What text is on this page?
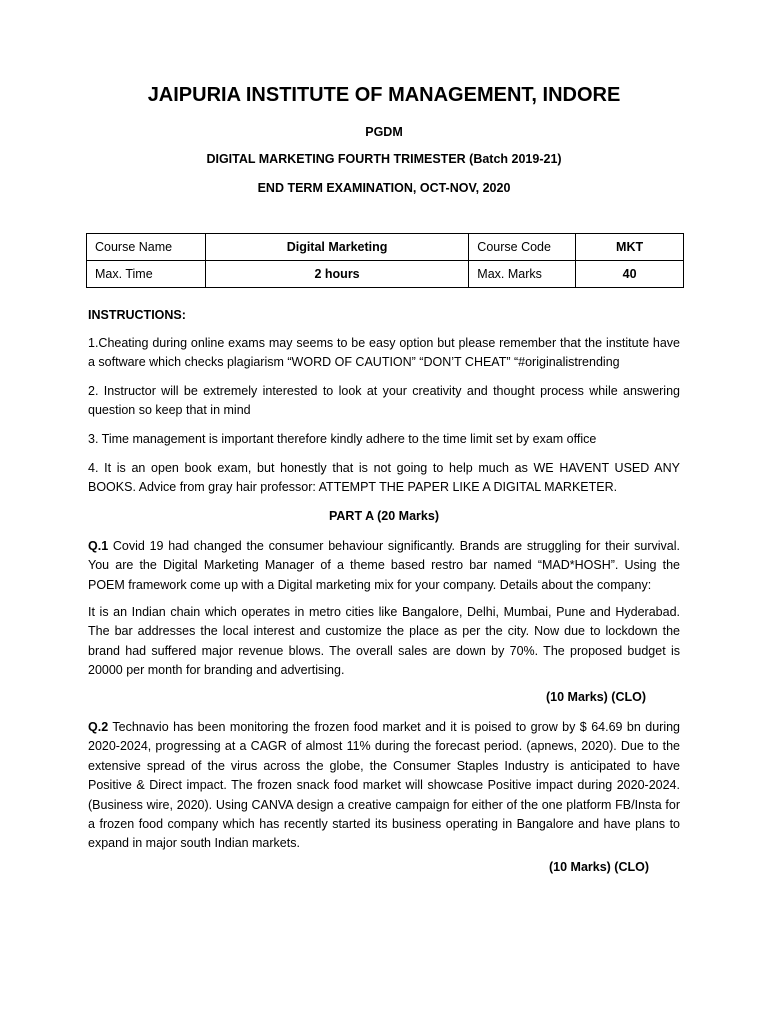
JAIPURIA INSTITUTE OF MANAGEMENT, INDORE
PGDM
DIGITAL MARKETING FOURTH TRIMESTER (Batch 2019-21)
END TERM EXAMINATION, OCT-NOV, 2020
Course Name	Digital Marketing	Course Code	MKT
Max. Time	2 hours	Max. Marks	40
INSTRUCTIONS:
1.Cheating during online exams may seems to be easy option but please remember that the institute have a software which checks plagiarism “WORD OF CAUTION” “DON’T CHEAT” “#originalistrending
2. Instructor will be extremely interested to look at your creativity and thought process while answering question so keep that in mind
3. Time management is important therefore kindly adhere to the time limit set by exam office
4. It is an open book exam, but honestly that is not going to help much as WE HAVENT USED ANY BOOKS. Advice from gray hair professor: ATTEMPT THE PAPER LIKE A DIGITAL MARKETER.
PART A (20 Marks)
Q.1 Covid 19 had changed the consumer behaviour significantly. Brands are struggling for their survival. You are the Digital Marketing Manager of a theme based restro bar named “MAD*HOSH”. Using the POEM framework come up with a Digital marketing mix for your company. Details about the company:
It is an Indian chain which operates in metro cities like Bangalore, Delhi, Mumbai, Pune and Hyderabad. The bar addresses the local interest and customize the place as per the city. Now due to lockdown the brand had suffered major revenue blows. The overall sales are down by 70%. The proposed budget is 20000 per month for branding and advertising.
(10 Marks) (CLO)
Q.2 Technavio has been monitoring the frozen food market and it is poised to grow by $ 64.69 bn during 2020-2024, progressing at a CAGR of almost 11% during the forecast period. (apnews, 2020). Due to the extensive spread of the virus across the globe, the Consumer Staples Industry is anticipated to have Positive & Direct impact. The frozen snack food market will showcase Positive impact during 2020-2024. (Business wire, 2020). Using CANVA design a creative campaign for either of the one platform FB/Insta for a frozen food company which has recently started its business operating in Bangalore and have plans to expand in major south Indian markets.
(10 Marks) (CLO)
